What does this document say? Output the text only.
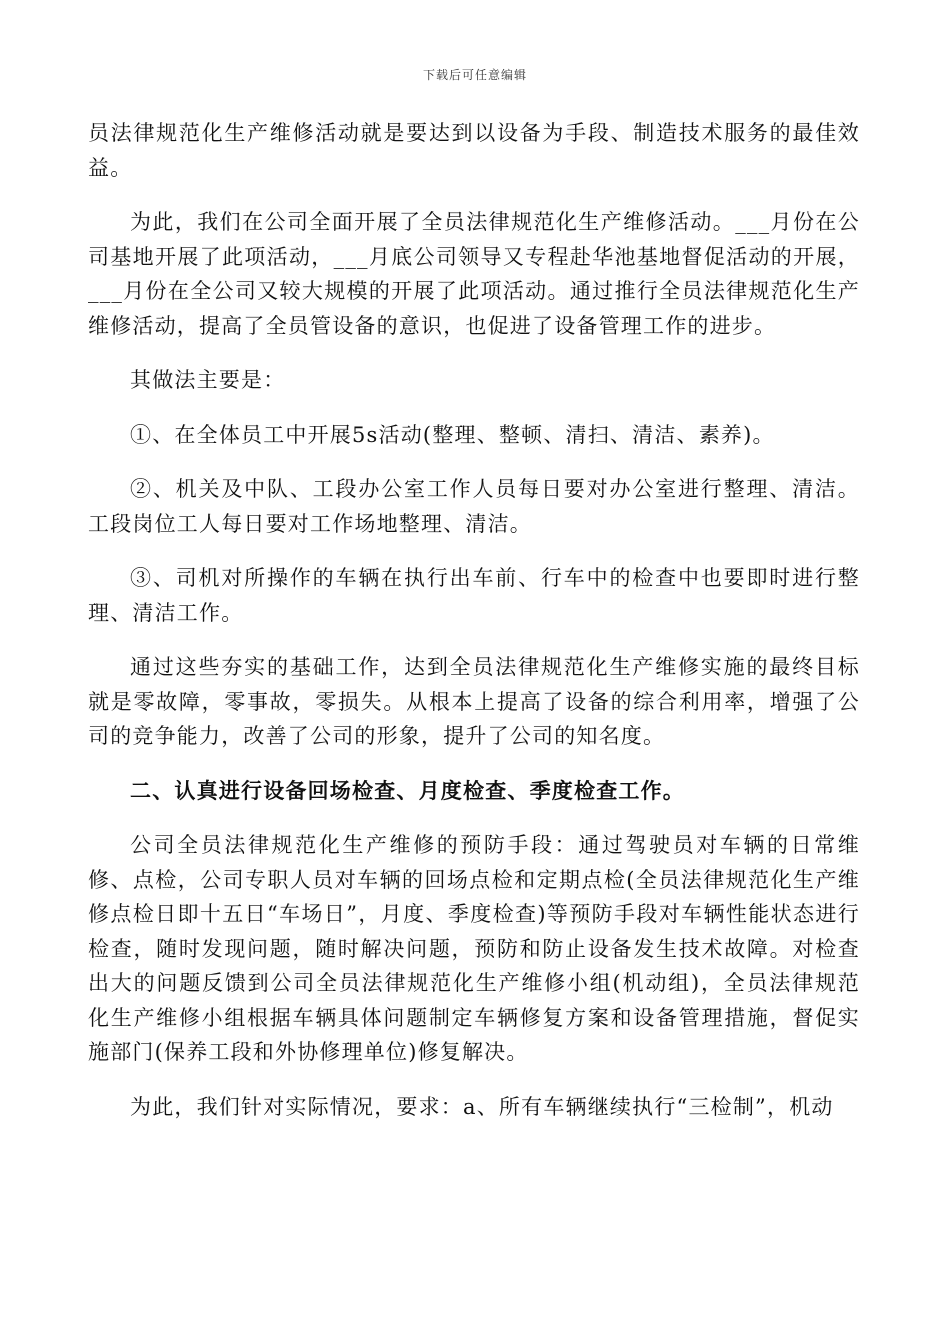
下载后可任意编辑

员法律规范化生产维修活动就是要达到以设备为手段、制造技术服务的最佳效益。

为此，我们在公司全面开展了全员法律规范化生产维修活动。___月份在公司基地开展了此项活动，___月底公司领导又专程赴华池基地督促活动的开展，___月份在全公司又较大规模的开展了此项活动。通过推行全员法律规范化生产维修活动，提高了全员管设备的意识，也促进了设备管理工作的进步。

其做法主要是：

①、在全体员工中开展5s活动(整理、整顿、清扫、清洁、素养)。

②、机关及中队、工段办公室工作人员每日要对办公室进行整理、清洁。工段岗位工人每日要对工作场地整理、清洁。

③、司机对所操作的车辆在执行出车前、行车中的检查中也要即时进行整理、清洁工作。

通过这些夯实的基础工作，达到全员法律规范化生产维修实施的最终目标就是零故障，零事故，零损失。从根本上提高了设备的综合利用率，增强了公司的竞争能力，改善了公司的形象，提升了公司的知名度。

二、认真进行设备回场检查、月度检查、季度检查工作。

公司全员法律规范化生产维修的预防手段：通过驾驶员对车辆的日常维修、点检，公司专职人员对车辆的回场点检和定期点检(全员法律规范化生产维修点检日即十五日“车场日”，月度、季度检查)等预防手段对车辆性能状态进行检查，随时发现问题，随时解决问题，预防和防止设备发生技术故障。对检查出大的问题反馈到公司全员法律规范化生产维修小组(机动组)，全员法律规范化生产维修小组根据车辆具体问题制定车辆修复方案和设备管理措施，督促实施部门(保养工段和外协修理单位)修复解决。

为此，我们针对实际情况，要求：a、所有车辆继续执行“三检制”，机动
